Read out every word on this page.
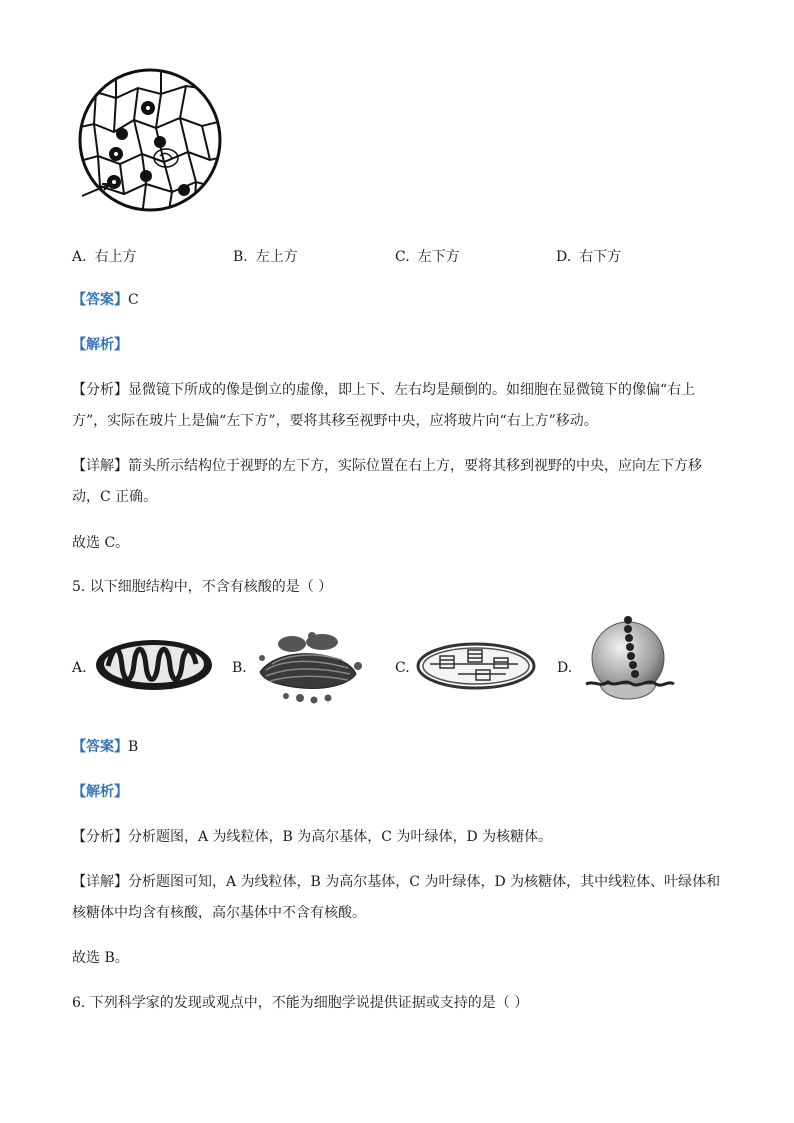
A. 右上方	B. 左上方	C. 左下方	D. 右下方
【答案】C
【解析】
【分析】显微镜下所成的像是倒立的虚像，即上下、左右均是颠倒的。如细胞在显微镜下的像偏“右上
方”，实际在玻片上是偏“左下方”，要将其移至视野中央，应将玻片向“右上方”移动。
【详解】箭头所示结构位于视野的左下方，实际位置在右上方，要将其移到视野的中央，应向左下方移
动，C 正确。
故选 C。
5. 以下细胞结构中，不含有核酸的是（ ）
A.	B.	C.	D.
【答案】B
【解析】
【分析】分析题图，A 为线粒体，B 为高尔基体，C 为叶绿体，D 为核糖体。
【详解】分析题图可知，A 为线粒体，B 为高尔基体，C 为叶绿体，D 为核糖体，其中线粒体、叶绿体和
核糖体中均含有核酸，高尔基体中不含有核酸。
故选 B。
6. 下列科学家的发现或观点中，不能为细胞学说提供证据或支持的是（ ）
